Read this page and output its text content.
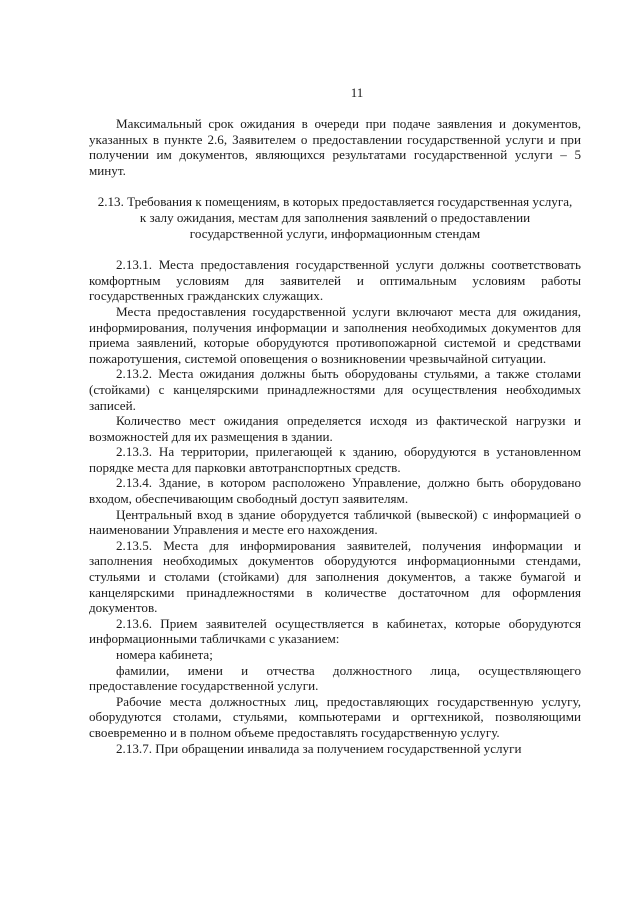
11

Максимальный срок ожидания в очереди при подаче заявления и документов, указанных в пункте 2.6, Заявителем о предоставлении государственной услуги и при получении им документов, являющихся результатами государственной услуги – 5 минут.

2.13. Требования к помещениям, в которых предоставляется государственная услуга, к залу ожидания, местам для заполнения заявлений о предоставлении государственной услуги, информационным стендам

2.13.1. Места предоставления государственной услуги должны соответствовать комфортным условиям для заявителей и оптимальным условиям работы государственных гражданских служащих.

Места предоставления государственной услуги включают места для ожидания, информирования, получения информации и заполнения необходимых документов для приема заявлений, которые оборудуются противопожарной системой и средствами пожаротушения, системой оповещения о возникновении чрезвычайной ситуации.

2.13.2. Места ожидания должны быть оборудованы стульями, а также столами (стойками) с канцелярскими принадлежностями для осуществления необходимых записей.

Количество мест ожидания определяется исходя из фактической нагрузки и возможностей для их размещения в здании.

2.13.3. На территории, прилегающей к зданию, оборудуются в установленном порядке места для парковки автотранспортных средств.

2.13.4. Здание, в котором расположено Управление, должно быть оборудовано входом, обеспечивающим свободный доступ заявителям.

Центральный вход в здание оборудуется табличкой (вывеской) с информацией о наименовании Управления и месте его нахождения.

2.13.5. Места для информирования заявителей, получения информации и заполнения необходимых документов оборудуются информационными стендами, стульями и столами (стойками) для заполнения документов, а также бумагой и канцелярскими принадлежностями в количестве достаточном для оформления документов.

2.13.6. Прием заявителей осуществляется в кабинетах, которые оборудуются информационными табличками с указанием:

номера кабинета;

фамилии, имени и отчества должностного лица, осуществляющего предоставление государственной услуги.

Рабочие места должностных лиц, предоставляющих государственную услугу, оборудуются столами, стульями, компьютерами и оргтехникой, позволяющими своевременно и в полном объеме предоставлять государственную услугу.

2.13.7. При обращении инвалида за получением государственной услуги
